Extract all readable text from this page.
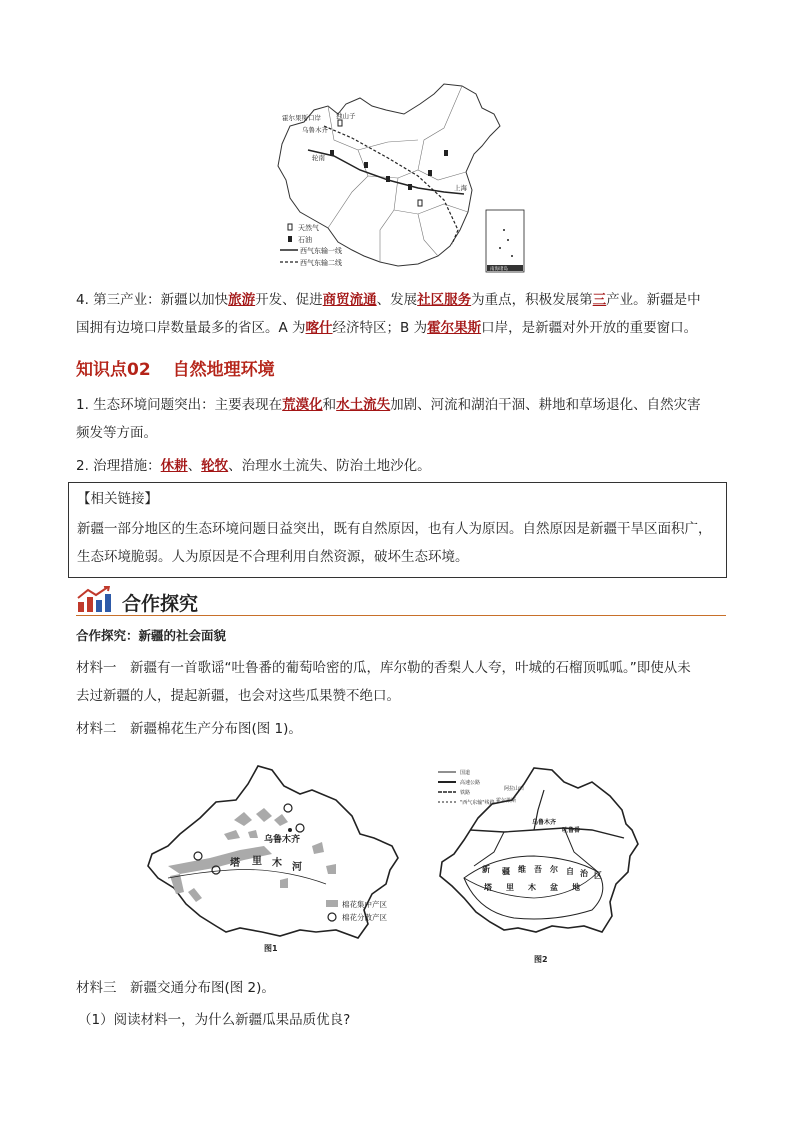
霍尔果斯口岸 独山子
乌鲁木齐
轮南
上海
天然气
石油
西气东输一线
西气东输二线
南海诸岛
4. 第三产业：新疆以加快旅游开发、促进商贸流通、发展社区服务为重点，积极发展第三产业。新疆是中
国拥有边境口岸数量最多的省区。A 为喀什经济特区；B 为霍尔果斯口岸，是新疆对外开放的重要窗口。
知识点02 自然地理环境
1. 生态环境问题突出：主要表现在荒漠化和水土流失加剧、河流和湖泊干涸、耕地和草场退化、自然灾害
频发等方面。
2. 治理措施：休耕、轮牧、治理水土流失、防治土地沙化。
【相关链接】
新疆一部分地区的生态环境问题日益突出，既有自然原因，也有人为原因。自然原因是新疆干旱区面积广，
生态环境脆弱。人为原因是不合理利用自然资源，破坏生态环境。
合作探究
合作探究：新疆的社会面貌
材料一　新疆有一首歌谣“吐鲁番的葡萄哈密的瓜，库尔勒的香梨人人夸，叶城的石榴顶呱呱。”即使从未
去过新疆的人，提起新疆，也会对这些瓜果赞不绝口。
材料二　新疆棉花生产分布图(图 1)。
乌鲁木齐
塔 里 木 河
棉花集中产区
棉花分散产区
图1
国道
高速公路
铁路
"西气东输"线路
阿拉山口
霍尔果斯
乌鲁木齐
吐鲁番
新 疆 维 吾 尔 自 治 区
塔 里 木 盆 地
图2
材料三　新疆交通分布图(图 2)。
（1）阅读材料一，为什么新疆瓜果品质优良?
